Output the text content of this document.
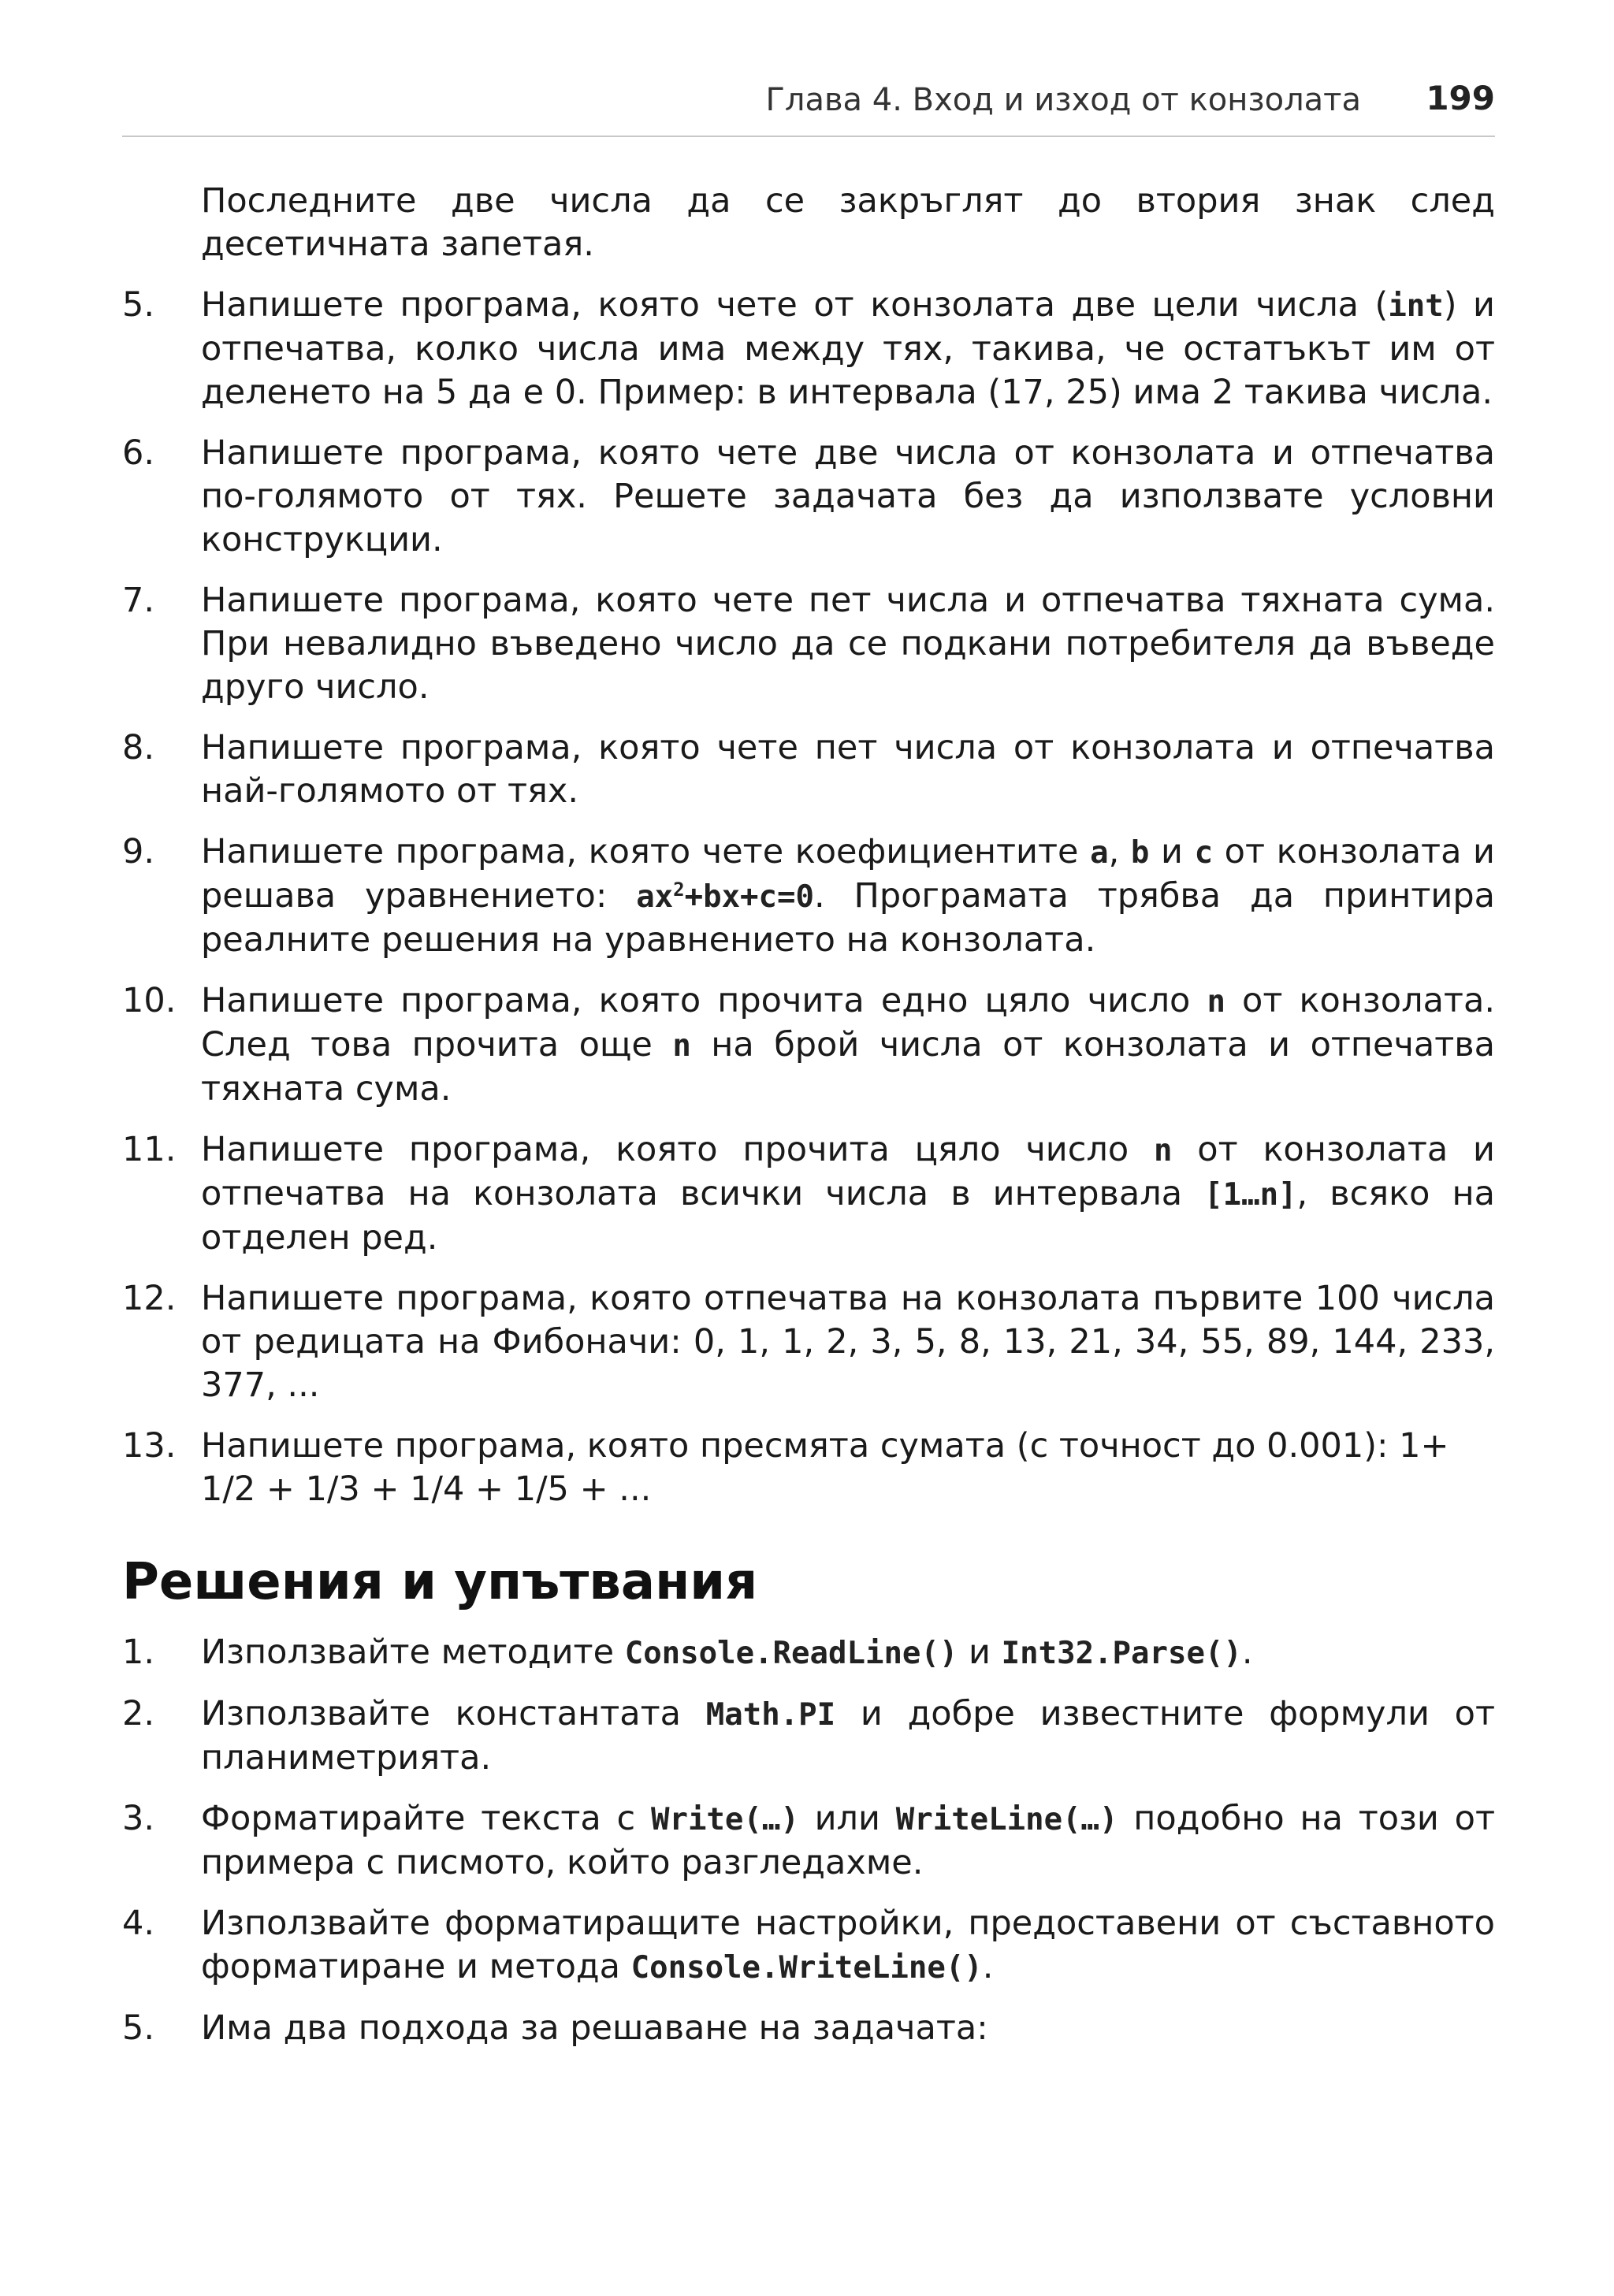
Глава 4. Вход и изход от конзолата 199

Последните две числа да се закръглят до втория знак след десетичната запетая.

5. Напишете програма, която чете от конзолата две цели числа (int) и отпечатва, колко числа има между тях, такива, че остатъкът им от деленето на 5 да е 0. Пример: в интервала (17, 25) има 2 такива числа.
6. Напишете програма, която чете две числа от конзолата и отпечатва по-голямото от тях. Решете задачата без да използвате условни конструкции.
7. Напишете програма, която чете пет числа и отпечатва тяхната сума. При невалидно въведено число да се подкани потребителя да въведе друго число.
8. Напишете програма, която чете пет числа от конзолата и отпечатва най-голямото от тях.
9. Напишете програма, която чете коефициентите a, b и c от конзолата и решава уравнението: $ax^2+bx+c=0$. Програмата трябва да принтира реалните решения на уравнението на конзолата.
10. Напишете програма, която прочита едно цяло число n от конзолата. След това прочита още n на брой числа от конзолата и отпечатва тяхната сума.
11. Напишете програма, която прочита цяло число n от конзолата и отпечатва на конзолата всички числа в интервала [1…n], всяко на отделен ред.
12. Напишете програма, която отпечатва на конзолата първите 100 числа от редицата на Фибоначи: 0, 1, 1, 2, 3, 5, 8, 13, 21, 34, 55, 89, 144, 233, 377, ...
13. Напишете програма, която пресмята сумата (с точност до 0.001): 1+
1/2 + 1/3 + 1/4 + 1/5 + ...
Решения и упътвания
1. Използвайте методите Console.ReadLine() и Int32.Parse().
2. Използвайте константата Math.PI и добре известните формули от планиметрията.
3. Форматирайте текста с Write(…) или WriteLine(…) подобно на този от примера с писмото, който разгледахме.
4. Използвайте форматиращите настройки, предоставени от съставното форматиране и метода Console.WriteLine().
5. Има два подхода за решаване на задачата:
